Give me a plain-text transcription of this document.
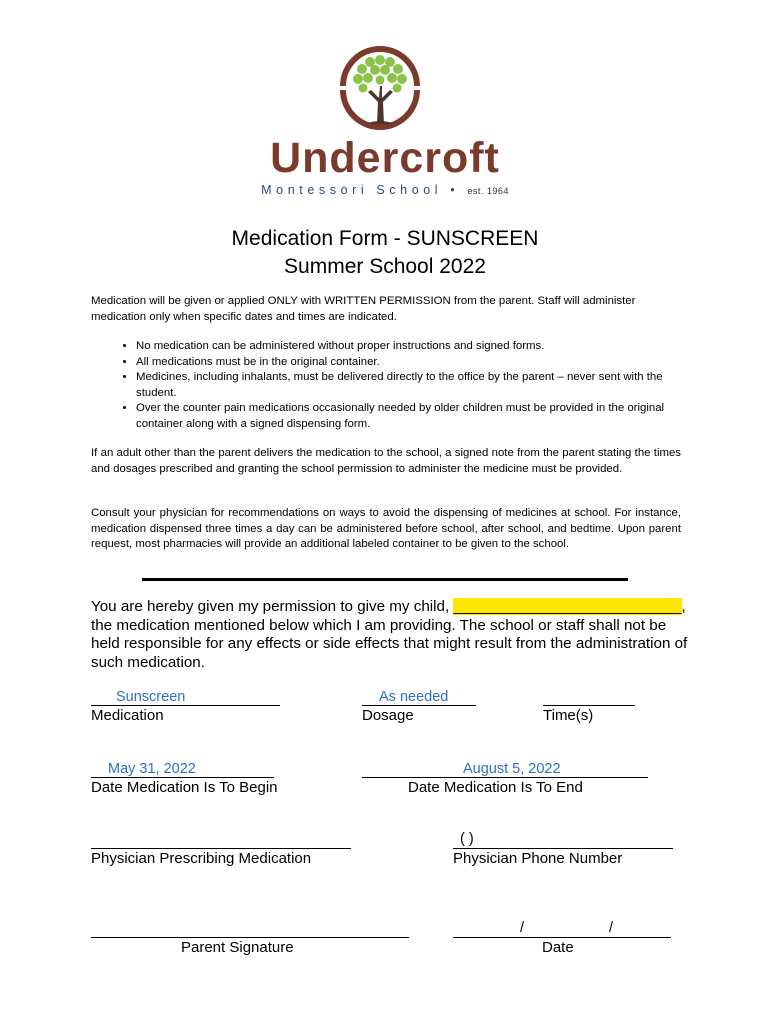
Undercroft
Montessori School • est. 1964
Medication Form - SUNSCREEN
Summer School 2022
Medication will be given or applied ONLY with WRITTEN PERMISSION from the parent. Staff will administer medication only when specific dates and times are indicated.
• No medication can be administered without proper instructions and signed forms.
• All medications must be in the original container.
• Medicines, including inhalants, must be delivered directly to the office by the parent – never sent with the student.
• Over the counter pain medications occasionally needed by older children must be provided in the original container along with a signed dispensing form.
If an adult other than the parent delivers the medication to the school, a signed note from the parent stating the times and dosages prescribed and granting the school permission to administer the medicine must be provided.
Consult your physician for recommendations on ways to avoid the dispensing of medicines at school. For instance, medication dispensed three times a day can be administered before school, after school, and bedtime. Upon parent request, most pharmacies will provide an additional labeled container to be given to the school.
You are hereby given my permission to give my child, ___________________________, the medication mentioned below which I am providing. The school or staff shall not be held responsible for any effects or side effects that might result from the administration of such medication.
Sunscreen
Medication
As needed
Dosage	Time(s)
May 31, 2022
Date Medication Is To Begin
August 5, 2022
Date Medication Is To End
Physician Prescribing Medication
( )
Physician Phone Number
Parent Signature
/	/
Date
